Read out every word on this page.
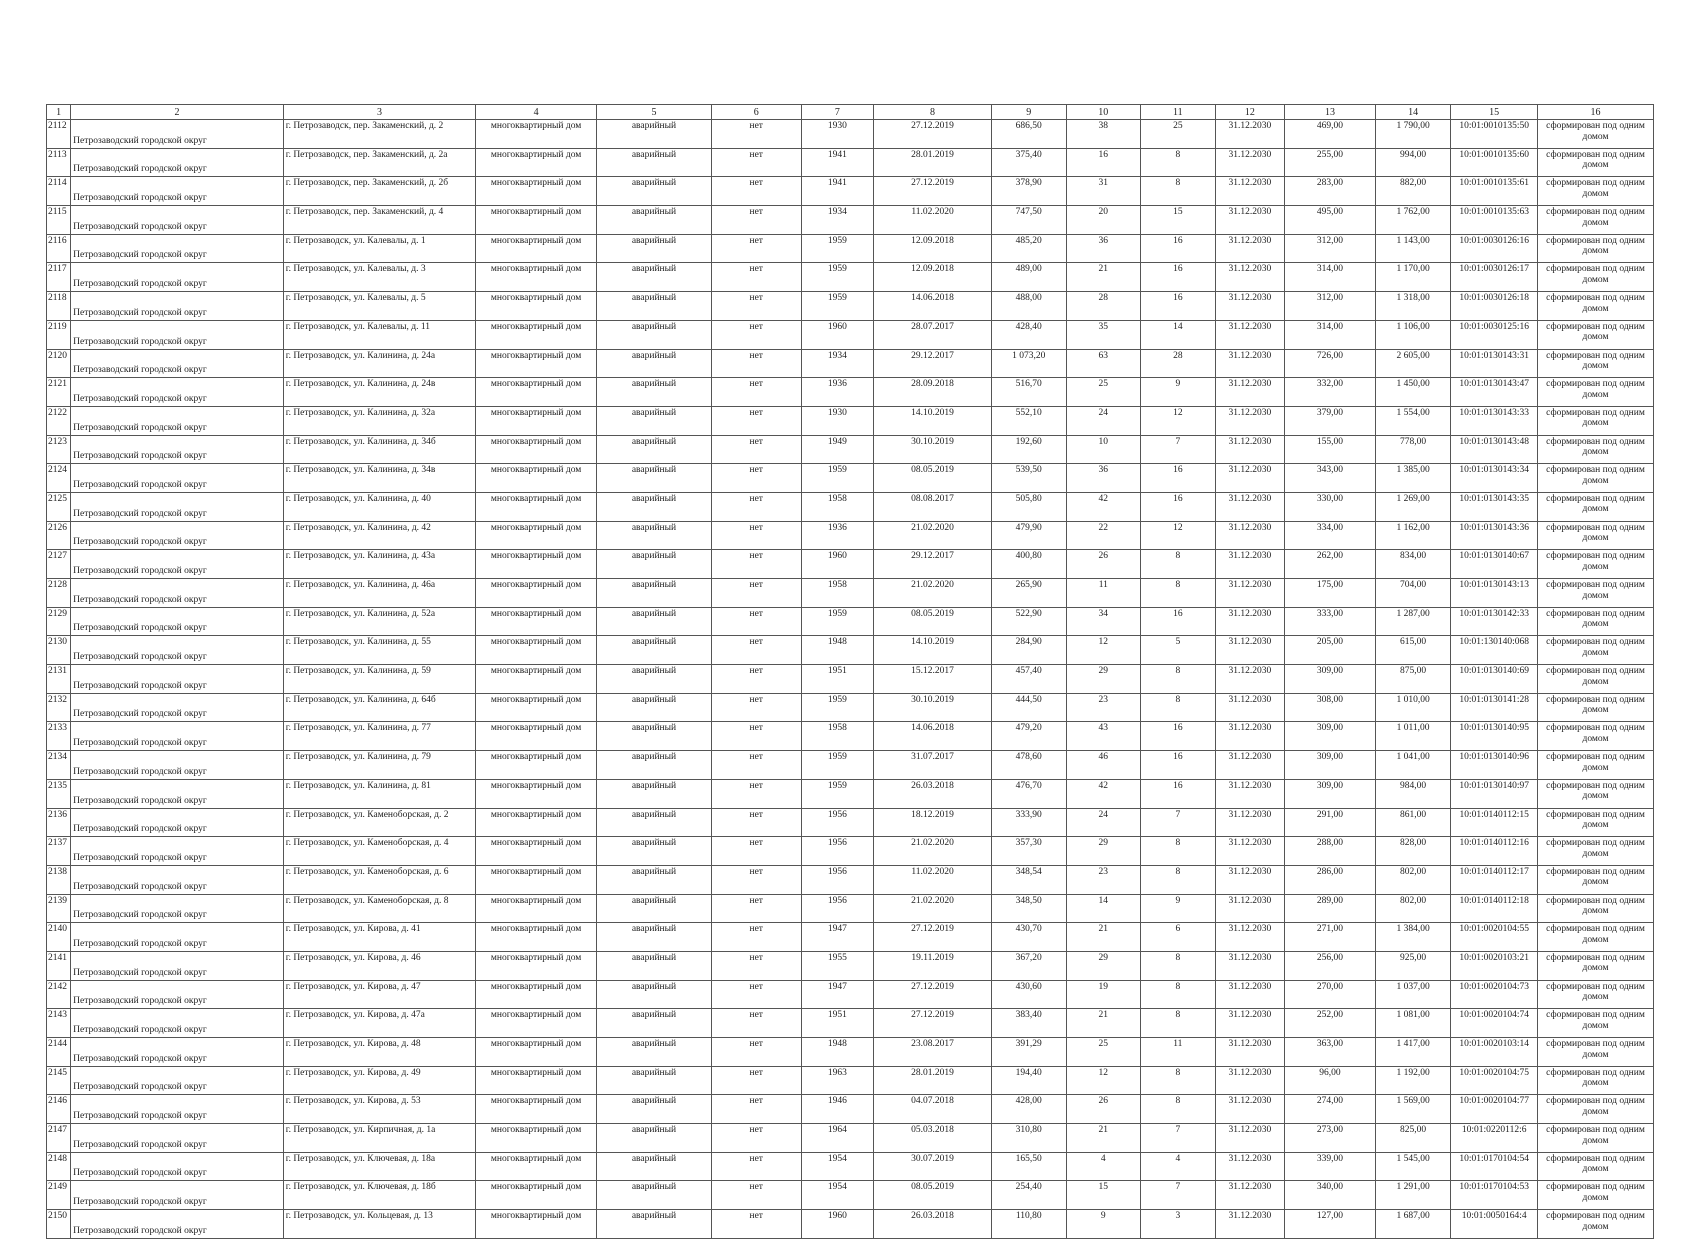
1	2	3	4	5	6	7	8	9	10	11	12	13	14	15	16
2112	Петрозаводский городской округ	г. Петрозаводск, пер. Закаменский, д. 2	многоквартирный дом	аварийный	нет	1930	27.12.2019	686,50	38	25	31.12.2030	469,00	1 790,00	10:01:0010135:50	сформирован под одним домом
2113	Петрозаводский городской округ	г. Петрозаводск, пер. Закаменский, д. 2а	многоквартирный дом	аварийный	нет	1941	28.01.2019	375,40	16	8	31.12.2030	255,00	994,00	10:01:0010135:60	сформирован под одним домом
2114	Петрозаводский городской округ	г. Петрозаводск, пер. Закаменский, д. 2б	многоквартирный дом	аварийный	нет	1941	27.12.2019	378,90	31	8	31.12.2030	283,00	882,00	10:01:0010135:61	сформирован под одним домом
2115	Петрозаводский городской округ	г. Петрозаводск, пер. Закаменский, д. 4	многоквартирный дом	аварийный	нет	1934	11.02.2020	747,50	20	15	31.12.2030	495,00	1 762,00	10:01:0010135:63	сформирован под одним домом
2116	Петрозаводский городской округ	г. Петрозаводск, ул. Калевалы, д. 1	многоквартирный дом	аварийный	нет	1959	12.09.2018	485,20	36	16	31.12.2030	312,00	1 143,00	10:01:0030126:16	сформирован под одним домом
2117	Петрозаводский городской округ	г. Петрозаводск, ул. Калевалы, д. 3	многоквартирный дом	аварийный	нет	1959	12.09.2018	489,00	21	16	31.12.2030	314,00	1 170,00	10:01:0030126:17	сформирован под одним домом
2118	Петрозаводский городской округ	г. Петрозаводск, ул. Калевалы, д. 5	многоквартирный дом	аварийный	нет	1959	14.06.2018	488,00	28	16	31.12.2030	312,00	1 318,00	10:01:0030126:18	сформирован под одним домом
2119	Петрозаводский городской округ	г. Петрозаводск, ул. Калевалы, д. 11	многоквартирный дом	аварийный	нет	1960	28.07.2017	428,40	35	14	31.12.2030	314,00	1 106,00	10:01:0030125:16	сформирован под одним домом
2120	Петрозаводский городской округ	г. Петрозаводск, ул. Калинина, д. 24а	многоквартирный дом	аварийный	нет	1934	29.12.2017	1 073,20	63	28	31.12.2030	726,00	2 605,00	10:01:0130143:31	сформирован под одним домом
2121	Петрозаводский городской округ	г. Петрозаводск, ул. Калинина, д. 24в	многоквартирный дом	аварийный	нет	1936	28.09.2018	516,70	25	9	31.12.2030	332,00	1 450,00	10:01:0130143:47	сформирован под одним домом
2122	Петрозаводский городской округ	г. Петрозаводск, ул. Калинина, д. 32а	многоквартирный дом	аварийный	нет	1930	14.10.2019	552,10	24	12	31.12.2030	379,00	1 554,00	10:01:0130143:33	сформирован под одним домом
2123	Петрозаводский городской округ	г. Петрозаводск, ул. Калинина, д. 34б	многоквартирный дом	аварийный	нет	1949	30.10.2019	192,60	10	7	31.12.2030	155,00	778,00	10:01:0130143:48	сформирован под одним домом
2124	Петрозаводский городской округ	г. Петрозаводск, ул. Калинина, д. 34в	многоквартирный дом	аварийный	нет	1959	08.05.2019	539,50	36	16	31.12.2030	343,00	1 385,00	10:01:0130143:34	сформирован под одним домом
2125	Петрозаводский городской округ	г. Петрозаводск, ул. Калинина, д. 40	многоквартирный дом	аварийный	нет	1958	08.08.2017	505,80	42	16	31.12.2030	330,00	1 269,00	10:01:0130143:35	сформирован под одним домом
2126	Петрозаводский городской округ	г. Петрозаводск, ул. Калинина, д. 42	многоквартирный дом	аварийный	нет	1936	21.02.2020	479,90	22	12	31.12.2030	334,00	1 162,00	10:01:0130143:36	сформирован под одним домом
2127	Петрозаводский городской округ	г. Петрозаводск, ул. Калинина, д. 43а	многоквартирный дом	аварийный	нет	1960	29.12.2017	400,80	26	8	31.12.2030	262,00	834,00	10:01:0130140:67	сформирован под одним домом
2128	Петрозаводский городской округ	г. Петрозаводск, ул. Калинина, д. 46а	многоквартирный дом	аварийный	нет	1958	21.02.2020	265,90	11	8	31.12.2030	175,00	704,00	10:01:0130143:13	сформирован под одним домом
2129	Петрозаводский городской округ	г. Петрозаводск, ул. Калинина, д. 52а	многоквартирный дом	аварийный	нет	1959	08.05.2019	522,90	34	16	31.12.2030	333,00	1 287,00	10:01:0130142:33	сформирован под одним домом
2130	Петрозаводский городской округ	г. Петрозаводск, ул. Калинина, д. 55	многоквартирный дом	аварийный	нет	1948	14.10.2019	284,90	12	5	31.12.2030	205,00	615,00	10:01:130140:068	сформирован под одним домом
2131	Петрозаводский городской округ	г. Петрозаводск, ул. Калинина, д. 59	многоквартирный дом	аварийный	нет	1951	15.12.2017	457,40	29	8	31.12.2030	309,00	875,00	10:01:0130140:69	сформирован под одним домом
2132	Петрозаводский городской округ	г. Петрозаводск, ул. Калинина, д. 64б	многоквартирный дом	аварийный	нет	1959	30.10.2019	444,50	23	8	31.12.2030	308,00	1 010,00	10:01:0130141:28	сформирован под одним домом
2133	Петрозаводский городской округ	г. Петрозаводск, ул. Калинина, д. 77	многоквартирный дом	аварийный	нет	1958	14.06.2018	479,20	43	16	31.12.2030	309,00	1 011,00	10:01:0130140:95	сформирован под одним домом
2134	Петрозаводский городской округ	г. Петрозаводск, ул. Калинина, д. 79	многоквартирный дом	аварийный	нет	1959	31.07.2017	478,60	46	16	31.12.2030	309,00	1 041,00	10:01:0130140:96	сформирован под одним домом
2135	Петрозаводский городской округ	г. Петрозаводск, ул. Калинина, д. 81	многоквартирный дом	аварийный	нет	1959	26.03.2018	476,70	42	16	31.12.2030	309,00	984,00	10:01:0130140:97	сформирован под одним домом
2136	Петрозаводский городской округ	г. Петрозаводск, ул. Каменоборская, д. 2	многоквартирный дом	аварийный	нет	1956	18.12.2019	333,90	24	7	31.12.2030	291,00	861,00	10:01:0140112:15	сформирован под одним домом
2137	Петрозаводский городской округ	г. Петрозаводск, ул. Каменоборская, д. 4	многоквартирный дом	аварийный	нет	1956	21.02.2020	357,30	29	8	31.12.2030	288,00	828,00	10:01:0140112:16	сформирован под одним домом
2138	Петрозаводский городской округ	г. Петрозаводск, ул. Каменоборская, д. 6	многоквартирный дом	аварийный	нет	1956	11.02.2020	348,54	23	8	31.12.2030	286,00	802,00	10:01:0140112:17	сформирован под одним домом
2139	Петрозаводский городской округ	г. Петрозаводск, ул. Каменоборская, д. 8	многоквартирный дом	аварийный	нет	1956	21.02.2020	348,50	14	9	31.12.2030	289,00	802,00	10:01:0140112:18	сформирован под одним домом
2140	Петрозаводский городской округ	г. Петрозаводск, ул. Кирова, д. 41	многоквартирный дом	аварийный	нет	1947	27.12.2019	430,70	21	6	31.12.2030	271,00	1 384,00	10:01:0020104:55	сформирован под одним домом
2141	Петрозаводский городской округ	г. Петрозаводск, ул. Кирова, д. 46	многоквартирный дом	аварийный	нет	1955	19.11.2019	367,20	29	8	31.12.2030	256,00	925,00	10:01:0020103:21	сформирован под одним домом
2142	Петрозаводский городской округ	г. Петрозаводск, ул. Кирова, д. 47	многоквартирный дом	аварийный	нет	1947	27.12.2019	430,60	19	8	31.12.2030	270,00	1 037,00	10:01:0020104:73	сформирован под одним домом
2143	Петрозаводский городской округ	г. Петрозаводск, ул. Кирова, д. 47а	многоквартирный дом	аварийный	нет	1951	27.12.2019	383,40	21	8	31.12.2030	252,00	1 081,00	10:01:0020104:74	сформирован под одним домом
2144	Петрозаводский городской округ	г. Петрозаводск, ул. Кирова, д. 48	многоквартирный дом	аварийный	нет	1948	23.08.2017	391,29	25	11	31.12.2030	363,00	1 417,00	10:01:0020103:14	сформирован под одним домом
2145	Петрозаводский городской округ	г. Петрозаводск, ул. Кирова, д. 49	многоквартирный дом	аварийный	нет	1963	28.01.2019	194,40	12	8	31.12.2030	96,00	1 192,00	10:01:0020104:75	сформирован под одним домом
2146	Петрозаводский городской округ	г. Петрозаводск, ул. Кирова, д. 53	многоквартирный дом	аварийный	нет	1946	04.07.2018	428,00	26	8	31.12.2030	274,00	1 569,00	10:01:0020104:77	сформирован под одним домом
2147	Петрозаводский городской округ	г. Петрозаводск, ул. Кирпичная, д. 1а	многоквартирный дом	аварийный	нет	1964	05.03.2018	310,80	21	7	31.12.2030	273,00	825,00	10:01:0220112:6	сформирован под одним домом
2148	Петрозаводский городской округ	г. Петрозаводск, ул. Ключевая, д. 18а	многоквартирный дом	аварийный	нет	1954	30.07.2019	165,50	4	4	31.12.2030	339,00	1 545,00	10:01:0170104:54	сформирован под одним домом
2149	Петрозаводский городской округ	г. Петрозаводск, ул. Ключевая, д. 18б	многоквартирный дом	аварийный	нет	1954	08.05.2019	254,40	15	7	31.12.2030	340,00	1 291,00	10:01:0170104:53	сформирован под одним домом
2150	Петрозаводский городской округ	г. Петрозаводск, ул. Кольцевая, д. 13	многоквартирный дом	аварийный	нет	1960	26.03.2018	110,80	9	3	31.12.2030	127,00	1 687,00	10:01:0050164:4	сформирован под одним домом
